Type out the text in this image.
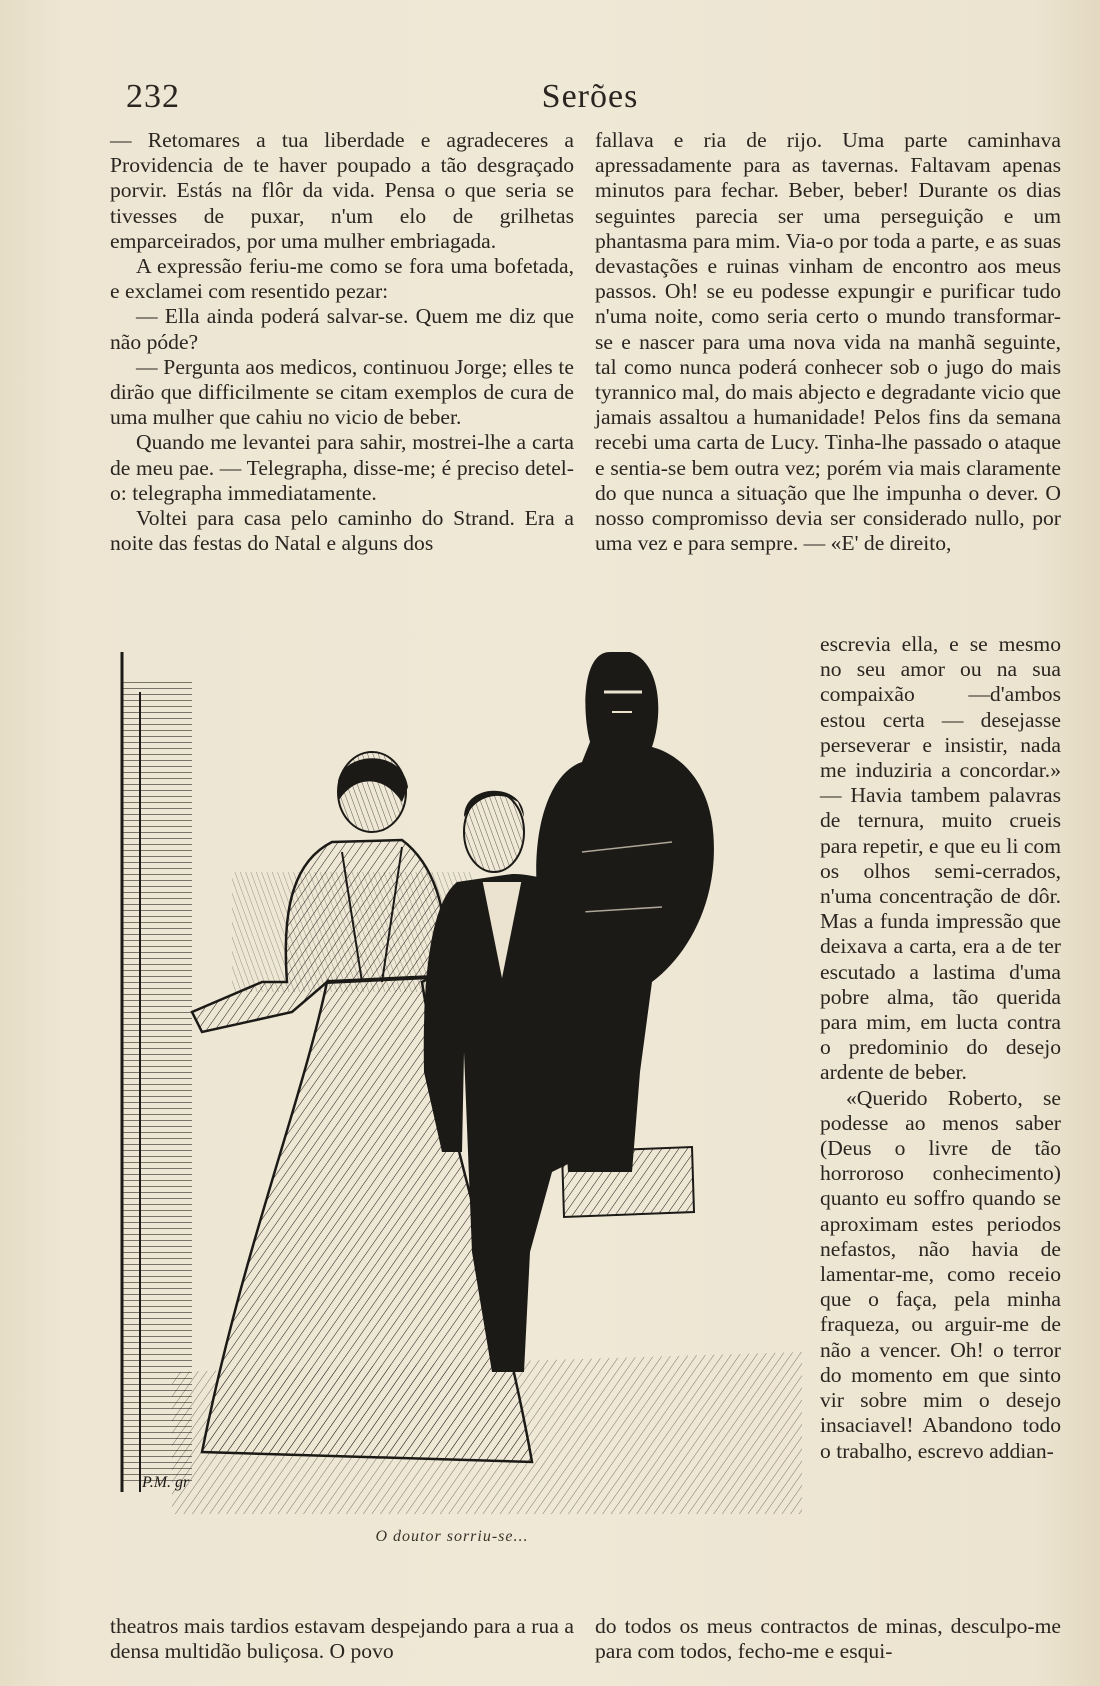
232	Serões

— Retomares a tua liberdade e agradeceres a Providencia de te haver poupado a tão desgraçado porvir. Estás na flôr da vida. Pensa o que seria se tivesses de puxar, n'um elo de grilhetas emparceirados, por uma mulher embriagada.

A expressão feriu-me como se fora uma bofetada, e exclamei com resentido pezar:

— Ella ainda poderá salvar-se. Quem me diz que não póde?

— Pergunta aos medicos, continuou Jorge; elles te dirão que difficilmente se citam exemplos de cura de uma mulher que cahiu no vicio de beber.

Quando me levantei para sahir, mostrei-lhe a carta de meu pae. — Telegrapha, disse-me; é preciso detel-o: telegrapha immediatamente.

Voltei para casa pelo caminho do Strand. Era a noite das festas do Natal e alguns dos

fallava e ria de rijo. Uma parte caminhava apressadamente para as tavernas. Faltavam apenas minutos para fechar. Beber, beber! Durante os dias seguintes parecia ser uma perseguição e um phantasma para mim. Via-o por toda a parte, e as suas devastações e ruinas vinham de encontro aos meus passos. Oh! se eu podesse expungir e purificar tudo n'uma noite, como seria certo o mundo transformar-se e nascer para uma nova vida na manhã seguinte, tal como nunca poderá conhecer sob o jugo do mais tyrannico mal, do mais abjecto e degradante vicio que jamais assaltou a humanidade! Pelos fins da semana recebi uma carta de Lucy. Tinha-lhe passado o ataque e sentia-se bem outra vez; porém via mais claramente do que nunca a situação que lhe impunha o dever. O nosso compromisso devia ser considerado nullo, por uma vez e para sempre. — «E' de direito,

escrevia ella, e se mesmo no seu amor ou na sua compaixão —d'ambos estou certa — desejasse perseverar e insistir, nada me induziria a concordar.» — Havia tambem palavras de ternura, muito crueis para repetir, e que eu li com os olhos semi-cerrados, n'uma concentração de dôr. Mas a funda impressão que deixava a carta, era a de ter escutado a lastima d'uma pobre alma, tão querida para mim, em lucta contra o predominio do desejo ardente de beber.

«Querido Roberto, se podesse ao menos saber (Deus o livre de tão horroroso conhecimento) quanto eu soffro quando se aproximam estes periodos nefastos, não havia de lamentar-me, como receio que o faça, pela minha fraqueza, ou arguir-me de não a vencer. Oh! o terror do momento em que sinto vir sobre mim o desejo insaciavel! Abandono todo o trabalho, escrevo addian-

P.M. gr
O doutor sorriu-se...

theatros mais tardios estavam despejando para a rua a densa multidão buliçosa. O povo

do todos os meus contractos de minas, desculpo-me para com todos, fecho-me e esqui-
